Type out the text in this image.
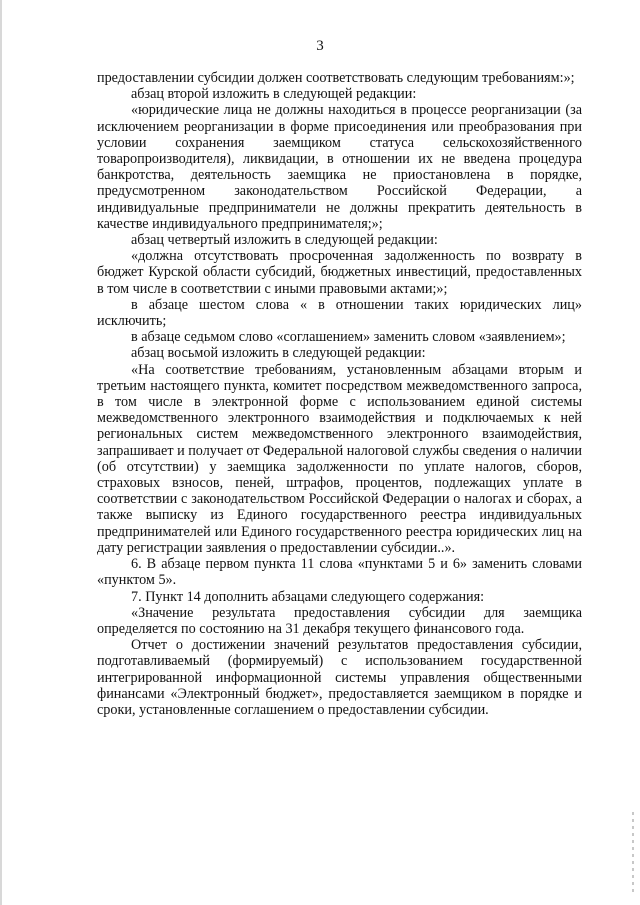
3

предоставлении субсидии должен соответствовать следующим требованиям:»;

абзац второй изложить в следующей редакции:

«юридические лица не должны находиться в процессе реорганизации (за исключением реорганизации в форме присоединения или преобразования при условии сохранения заемщиком статуса сельскохозяйственного товаропроизводителя), ликвидации, в отношении их не введена процедура банкротства, деятельность заемщика не приостановлена в порядке, предусмотренном законодательством Российской Федерации, а индивидуальные предприниматели не должны прекратить деятельность в качестве индивидуального предпринимателя;»;

абзац четвертый изложить в следующей редакции:

«должна отсутствовать просроченная задолженность по возврату в бюджет Курской области субсидий, бюджетных инвестиций, предоставленных в том числе в соответствии с иными правовыми актами;»;

в абзаце шестом слова « в отношении таких юридических лиц» исключить;

в абзаце седьмом слово «соглашением» заменить словом «заявлением»;

абзац восьмой изложить в следующей редакции:

«На соответствие требованиям, установленным абзацами вторым и третьим настоящего пункта, комитет посредством межведомственного запроса, в том числе в электронной форме с использованием единой системы межведомственного электронного взаимодействия и подключаемых к ней региональных систем межведомственного электронного взаимодействия, запрашивает и получает от Федеральной налоговой службы сведения о наличии (об отсутствии) у заемщика задолженности по уплате налогов, сборов, страховых взносов, пеней, штрафов, процентов, подлежащих уплате в соответствии с законодательством Российской Федерации о налогах и сборах, а также выписку из Единого государственного реестра индивидуальных предпринимателей или Единого государственного реестра юридических лиц на дату регистрации заявления о предоставлении субсидии..».

6. В абзаце первом пункта 11 слова «пунктами 5 и 6» заменить словами «пунктом 5».

7. Пункт 14 дополнить абзацами следующего содержания:

«Значение результата предоставления субсидии для заемщика определяется по состоянию на 31 декабря текущего финансового года.

Отчет о достижении значений результатов предоставления субсидии, подготавливаемый (формируемый) с использованием государственной интегрированной информационной системы управления общественными финансами «Электронный бюджет», предоставляется заемщиком в порядке и сроки, установленные соглашением о предоставлении субсидии.
